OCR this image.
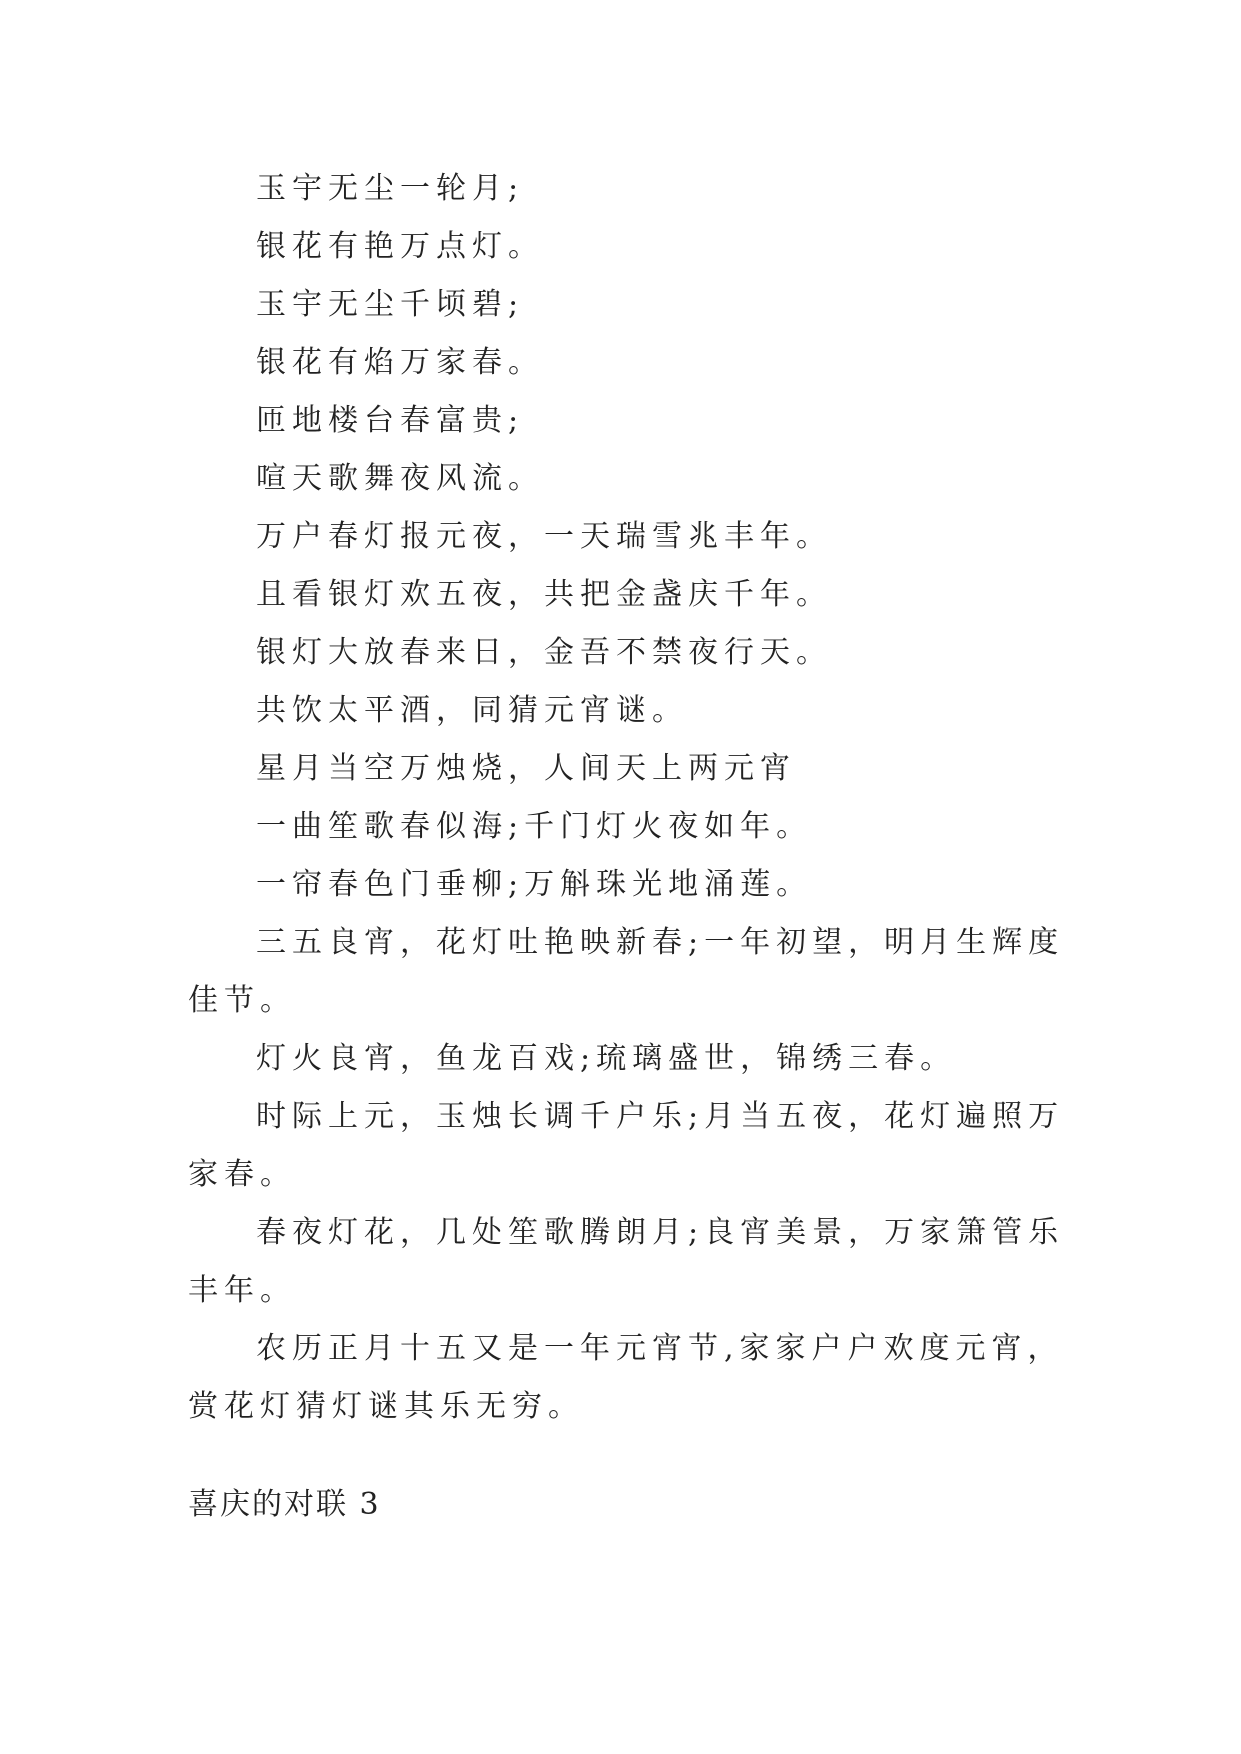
玉宇无尘一轮月;

银花有艳万点灯。

玉宇无尘千顷碧;

银花有焰万家春。

匝地楼台春富贵;

喧天歌舞夜风流。

万户春灯报元夜，一天瑞雪兆丰年。

且看银灯欢五夜，共把金盏庆千年。

银灯大放春来日，金吾不禁夜行天。

共饮太平酒，同猜元宵谜。

星月当空万烛烧，人间天上两元宵

一曲笙歌春似海;千门灯火夜如年。

一帘春色门垂柳;万斛珠光地涌莲。

三五良宵，花灯吐艳映新春;一年初望，明月生辉度佳节。

灯火良宵，鱼龙百戏;琉璃盛世，锦绣三春。

时际上元，玉烛长调千户乐;月当五夜，花灯遍照万家春。

春夜灯花，几处笙歌腾朗月;良宵美景，万家箫管乐丰年。

农历正月十五又是一年元宵节,家家户户欢度元宵，赏花灯猜灯谜其乐无穷。

喜庆的对联 3
